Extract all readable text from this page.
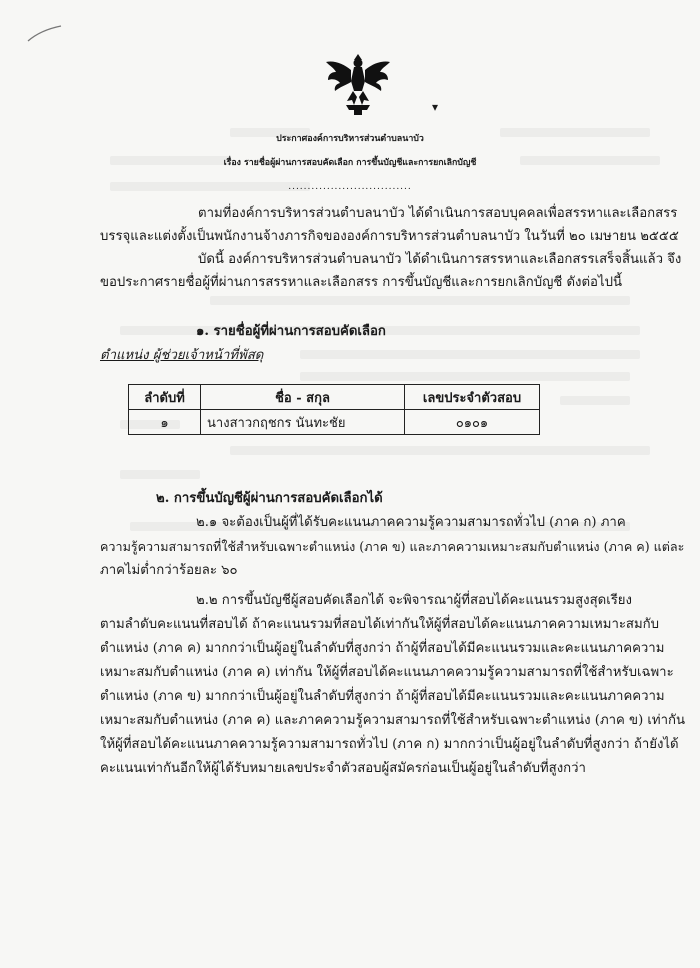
▾
ประกาศองค์การบริหารส่วนตำบลนาบัว
เรื่อง รายชื่อผู้ผ่านการสอบคัดเลือก การขึ้นบัญชีและการยกเลิกบัญชี
................................
ตามที่องค์การบริหารส่วนตำบลนาบัว ได้ดำเนินการสอบบุคคลเพื่อสรรหาและเลือกสรร
บรรจุและแต่งตั้งเป็นพนักงานจ้างภารกิจขององค์การบริหารส่วนตำบลนาบัว ในวันที่ ๒๐ เมษายน ๒๕๕๕
บัดนี้ องค์การบริหารส่วนตำบลนาบัว ได้ดำเนินการสรรหาและเลือกสรรเสร็จสิ้นแล้ว จึง
ขอประกาศรายชื่อผู้ที่ผ่านการสรรหาและเลือกสรร การขึ้นบัญชีและการยกเลิกบัญชี ดังต่อไปนี้
๑. รายชื่อผู้ที่ผ่านการสอบคัดเลือก
ตำแหน่ง ผู้ช่วยเจ้าหน้าที่พัสดุ
ลำดับที่	ชื่อ - สกุล	เลขประจำตัวสอบ
๑	นางสาวกฤชกร นันทะชัย	๐๑๐๑
๒. การขึ้นบัญชีผู้ผ่านการสอบคัดเลือกได้
๒.๑ จะต้องเป็นผู้ที่ได้รับคะแนนภาคความรู้ความสามารถทั่วไป (ภาค ก) ภาค
ความรู้ความสามารถที่ใช้สำหรับเฉพาะตำแหน่ง (ภาค ข) และภาคความเหมาะสมกับตำแหน่ง (ภาค ค) แต่ละ
ภาคไม่ต่ำกว่าร้อยละ ๖๐
๒.๒ การขึ้นบัญชีผู้สอบคัดเลือกได้ จะพิจารณาผู้ที่สอบได้คะแนนรวมสูงสุดเรียง
ตามลำดับคะแนนที่สอบได้ ถ้าคะแนนรวมที่สอบได้เท่ากันให้ผู้ที่สอบได้คะแนนภาคความเหมาะสมกับ
ตำแหน่ง (ภาค ค) มากกว่าเป็นผู้อยู่ในลำดับที่สูงกว่า ถ้าผู้ที่สอบได้มีคะแนนรวมและคะแนนภาคความ
เหมาะสมกับตำแหน่ง (ภาค ค) เท่ากัน ให้ผู้ที่สอบได้คะแนนภาคความรู้ความสามารถที่ใช้สำหรับเฉพาะ
ตำแหน่ง (ภาค ข) มากกว่าเป็นผู้อยู่ในลำดับที่สูงกว่า ถ้าผู้ที่สอบได้มีคะแนนรวมและคะแนนภาคความ
เหมาะสมกับตำแหน่ง (ภาค ค) และภาคความรู้ความสามารถที่ใช้สำหรับเฉพาะตำแหน่ง (ภาค ข) เท่ากัน
ให้ผู้ที่สอบได้คะแนนภาคความรู้ความสามารถทั่วไป (ภาค ก) มากกว่าเป็นผู้อยู่ในลำดับที่สูงกว่า ถ้ายังได้
คะแนนเท่ากันอีกให้ผู้ได้รับหมายเลขประจำตัวสอบผู้สมัครก่อนเป็นผู้อยู่ในลำดับที่สูงกว่า
